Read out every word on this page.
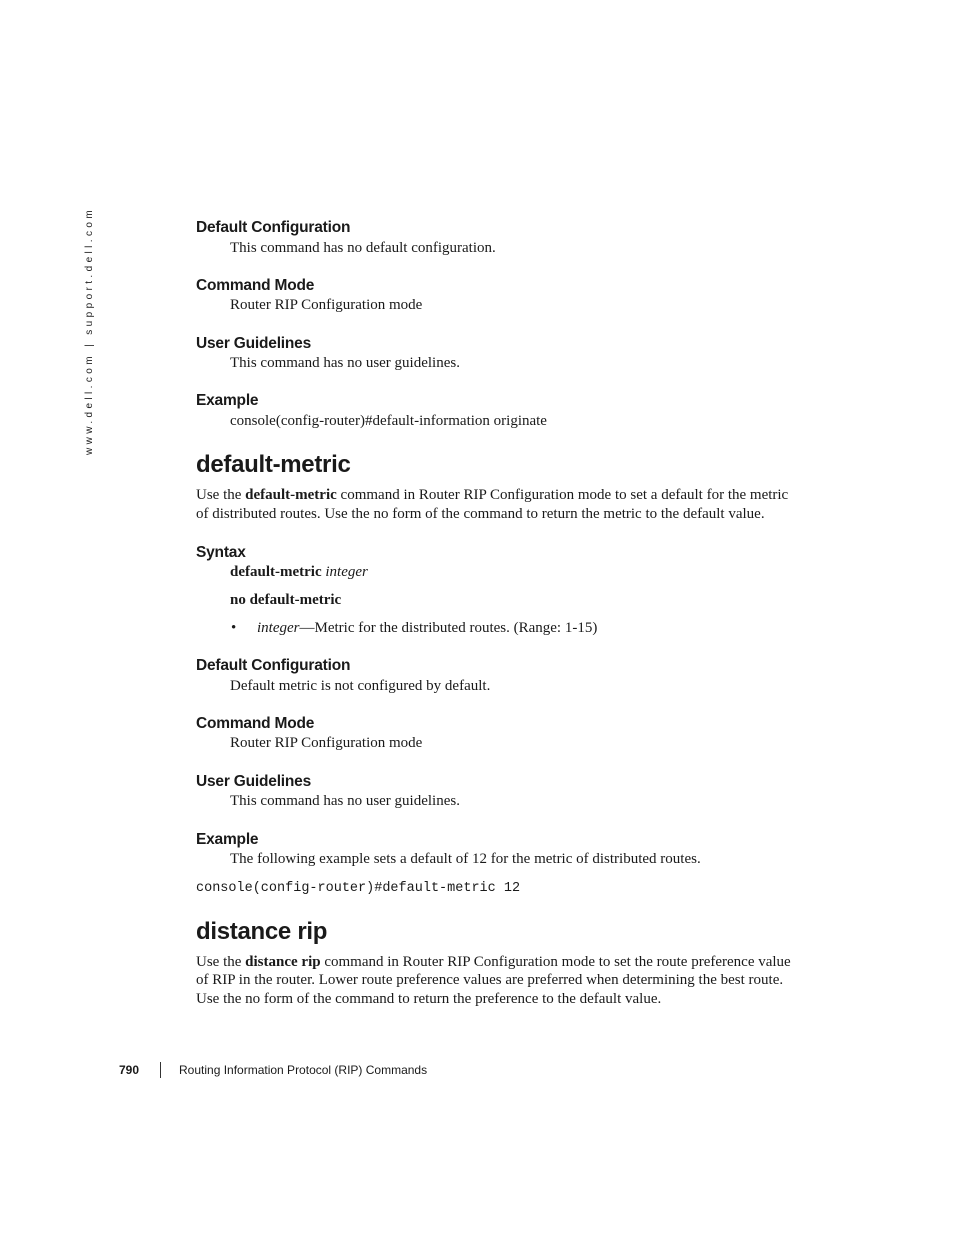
www.dell.com | support.dell.com	Default Configuration
This command has no default configuration.
Command Mode
Router RIP Configuration mode
User Guidelines
This command has no user guidelines.
Example
console(config-router)#default-information originate
default-metric
Use the default-metric command in Router RIP Configuration mode to set a default for the metric
of distributed routes. Use the no form of the command to return the metric to the default value.
Syntax
default-metric integer
no default-metric
• integer—Metric for the distributed routes. (Range: 1-15)
Default Configuration
Default metric is not configured by default.
Command Mode
Router RIP Configuration mode
User Guidelines
This command has no user guidelines.
Example
The following example sets a default of 12 for the metric of distributed routes.
console(config-router)#default-metric 12
distance rip
Use the distance rip command in Router RIP Configuration mode to set the route preference value
of RIP in the router. Lower route preference values are preferred when determining the best route.
Use the no form of the command to return the preference to the default value.
790	Routing Information Protocol (RIP) Commands
